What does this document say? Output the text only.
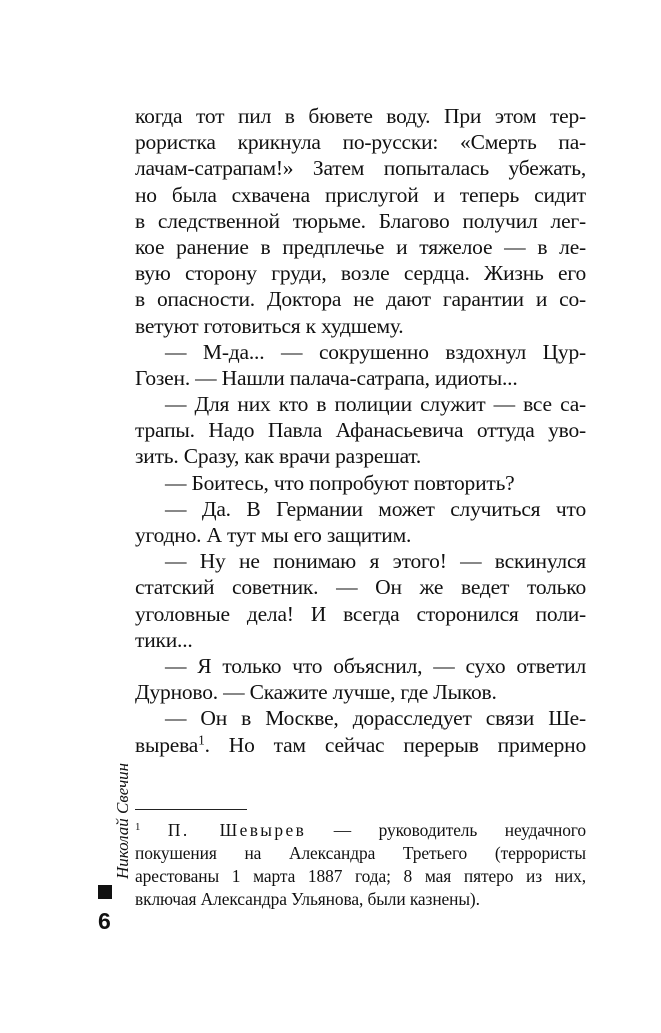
когда тот пил в бювете воду. При этом тер-
рористка крикнула по-русски: «Смерть па-
лачам-сатрапам!» Затем попыталась убежать,
но была схвачена прислугой и теперь сидит
в следственной тюрьме. Благово получил лег-
кое ранение в предплечье и тяжелое — в ле-
вую сторону груди, возле сердца. Жизнь его
в опасности. Доктора не дают гарантии и со-
ветуют готовиться к худшему.
— М-да... — сокрушенно вздохнул Цур-
Гозен. — Нашли палача-сатрапа, идиоты...
— Для них кто в полиции служит — все са-
трапы. Надо Павла Афанасьевича оттуда уво-
зить. Сразу, как врачи разрешат.
— Боитесь, что попробуют повторить?
— Да. В Германии может случиться что
угодно. А тут мы его защитим.
— Ну не понимаю я этого! — вскинулся
статский советник. — Он же ведет только
уголовные дела! И всегда сторонился поли-
тики...
— Я только что объяснил, — сухо ответил
Дурново. — Скажите лучше, где Лыков.
— Он в Москве, дорасследует связи Ше-
вырева$^1$. Но там сейчас перерыв примерно
$^1$ П. Шевырев — руководитель неудачного
покушения на Александра Третьего (террористы
арестованы 1 марта 1887 года; 8 мая пятеро из них,
включая Александра Ульянова, были казнены).
Николай Свечин
6
